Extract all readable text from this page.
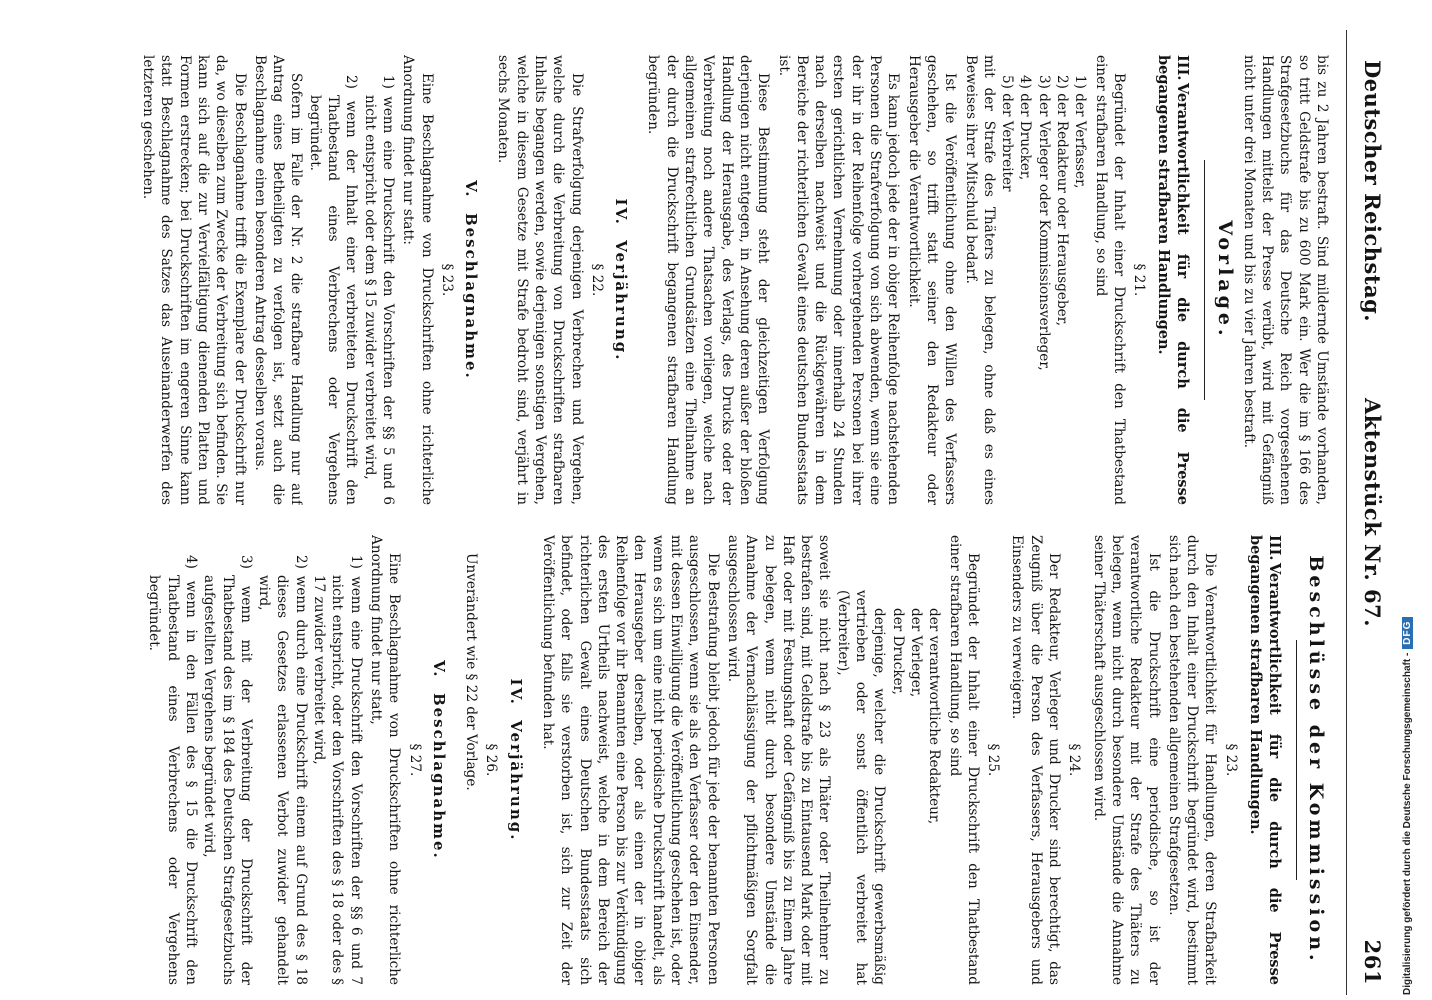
Deutscher Reichstag.
Aktenstück Nr. 67.
261

bis zu 2 Jahren bestraft. Sind mildernde Umstände vorhanden, so tritt Geldstrafe bis zu 600 Mark ein. Wer die im § 166 des Strafgesetzbuchs für das Deutsche Reich vorgesehenen Handlungen mittelst der Presse verübt, wird mit Gefängniß nicht unter drei Monaten und bis zu vier Jahren bestraft.

Vorlage.
III.Verantwortlichkeit für die durch die Presse begangenen strafbaren Handlungen.
§ 21.

Begründet der Inhalt einer Druckschrift den Thatbestand einer strafbaren Handlung, so sind

1) der Verfasser,

2) der Redakteur oder Herausgeber,

3) der Verleger oder Kommissionsverleger,

4) der Drucker,

5) der Verbreiter

mit der Strafe des Thäters zu belegen, ohne daß es eines Beweises ihrer Mitschuld bedarf.

Ist die Veröffentlichung ohne den Willen des Verfassers geschehen, so trifft statt seiner den Redakteur oder Herausgeber die Verantwortlichkeit.

Es kann jedoch jede der in obiger Reihenfolge nachstehenden Personen die Strafverfolgung von sich abwenden, wenn sie eine der ihr in der Reihenfolge vorhergehenden Personen bei ihrer ersten gerichtlichen Vernehmung oder innerhalb 24 Stunden nach derselben nachweist und die Rückgewähren in dem Bereiche der richterlichen Gewalt eines deutschen Bundesstaats ist.

Diese Bestimmung steht der gleichzeitigen Verfolgung derjenigen nicht entgegen, in Ansehung deren außer der bloßen Handlung der Herausgabe, des Verlags, des Drucks oder der Verbreitung noch andere Thatsachen vorliegen, welche nach allgemeinen strafrechtlichen Grundsätzen eine Theilnahme an der durch die Druckschrift begangenen strafbaren Handlung begründen.

IV.  Verjährung.
§ 22.

Die Strafverfolgung derjenigen Verbrechen und Vergehen, welche durch die Verbreitung von Druckschriften strafbaren Inhalts begangen werden, sowie derjenigen sonstigen Vergehen, welche in diesem Gesetze mit Strafe bedroht sind, verjährt in sechs Monaten.

V.  Beschlagnahme.
§ 23.

Eine Beschlagnahme von Druckschriften ohne richterliche Anordnung findet nur statt:

1) wenn eine Druckschrift den Vorschriften der §§ 5 und 6 nicht entspricht oder dem § 15 zuwider verbreitet wird,

2) wenn der Inhalt einer verbreiteten Druckschrift den Thatbestand eines Verbrechens oder Vergehens begründet.

Sofern im Falle der Nr. 2 die strafbare Handlung nur auf Antrag eines Betheiligten zu verfolgen ist, setzt auch die Beschlagnahme einen besonderen Antrag desselben voraus.

Die Beschlagnahme trifft die Exemplare der Druckschrift nur da, wo dieselben zum Zwecke der Verbreitung sich befinden. Sie kann sich auf die zur Vervielfältigung dienenden Platten und Formen erstrecken; bei Druckschriften im engeren Sinne kann statt Beschlagnahme des Satzes das Auseinanderwerfen des letzteren geschehen.

Beschlüsse der Kommission.
III.Verantwortlichkeit für die durch die Presse begangenen strafbaren Handlungen.
§ 23.

Die Verantwortlichkeit für Handlungen, deren Strafbarkeit durch den Inhalt einer Druckschrift begründet wird, bestimmt sich nach den bestehenden allgemeinen Strafgesetzen.

Ist die Druckschrift eine periodische, so ist der verantwortliche Redakteur mit der Strafe des Thäters zu belegen, wenn nicht durch besondere Umstände die Annahme seiner Thäterschaft ausgeschlossen wird.

§ 24.

Der Redakteur, Verleger und Drucker sind berechtigt, das Zeugniß über die Person des Verfassers, Herausgebers und Einsenders zu verweigern.

§ 25.

Begründet der Inhalt einer Druckschrift den Thatbestand einer strafbaren Handlung, so sind

der verantwortliche Redakteur,

der Verleger,

der Drucker,

derjenige, welcher die Druckschrift gewerbsmäßig vertrieben oder sonst öffentlich verbreitet hat (Verbreiter),

soweit sie nicht nach § 23 als Thäter oder Theilnehmer zu bestrafen sind, mit Geldstrafe bis zu Eintausend Mark oder mit Haft oder mit Festungshaft oder Gefängniß bis zu Einem Jahre zu belegen, wenn nicht durch besondere Umstände die Annahme der Vernachlässigung der pflichtmäßigen Sorgfalt ausgeschlossen wird.

Die Bestrafung bleibt jedoch für jede der benannten Personen ausgeschlossen, wenn sie als den Verfasser oder den Einsender, mit dessen Einwilligung die Veröffentlichung geschehen ist, oder wenn es sich um eine nicht periodische Druckschrift handelt, als den Herausgeber derselben, oder als einen der in obiger Reihenfolge vor ihr Benannten eine Person bis zur Verkündigung des ersten Urtheils nachweist, welche in dem Bereich der richterlichen Gewalt eines Deutschen Bundesstaats sich befindet, oder falls sie verstorben ist, sich zur Zeit der Veröffentlichung befunden hat.

IV.  Verjährung.
§ 26.

Unverändert wie § 22 der Vorlage.

V.  Beschlagnahme.
§ 27.

Eine Beschlagnahme von Druckschriften ohne richterliche Anordnung findet nur statt,

1) wenn eine Druckschrift den Vorschriften der §§ 6 und 7 nicht entspricht, oder den Vorschriften des § 18 oder des § 17 zuwider verbreitet wird,

2) wenn durch eine Druckschrift einem auf Grund des § 18 dieses Gesetzes erlassenen Verbot zuwider gehandelt wird,

3) wenn mit der Verbreitung der Druckschrift der Thatbestand des im § 184 des Deutschen Strafgesetzbuchs aufgestellten Vergehens begründet wird,

4) wenn in den Fällen des § 15 die Druckschrift den Thatbestand eines Verbrechens oder Vergehens begründet.

Digitalisierung gefördert durch die Deutsche Forschungsgemeinschaft -DFG
